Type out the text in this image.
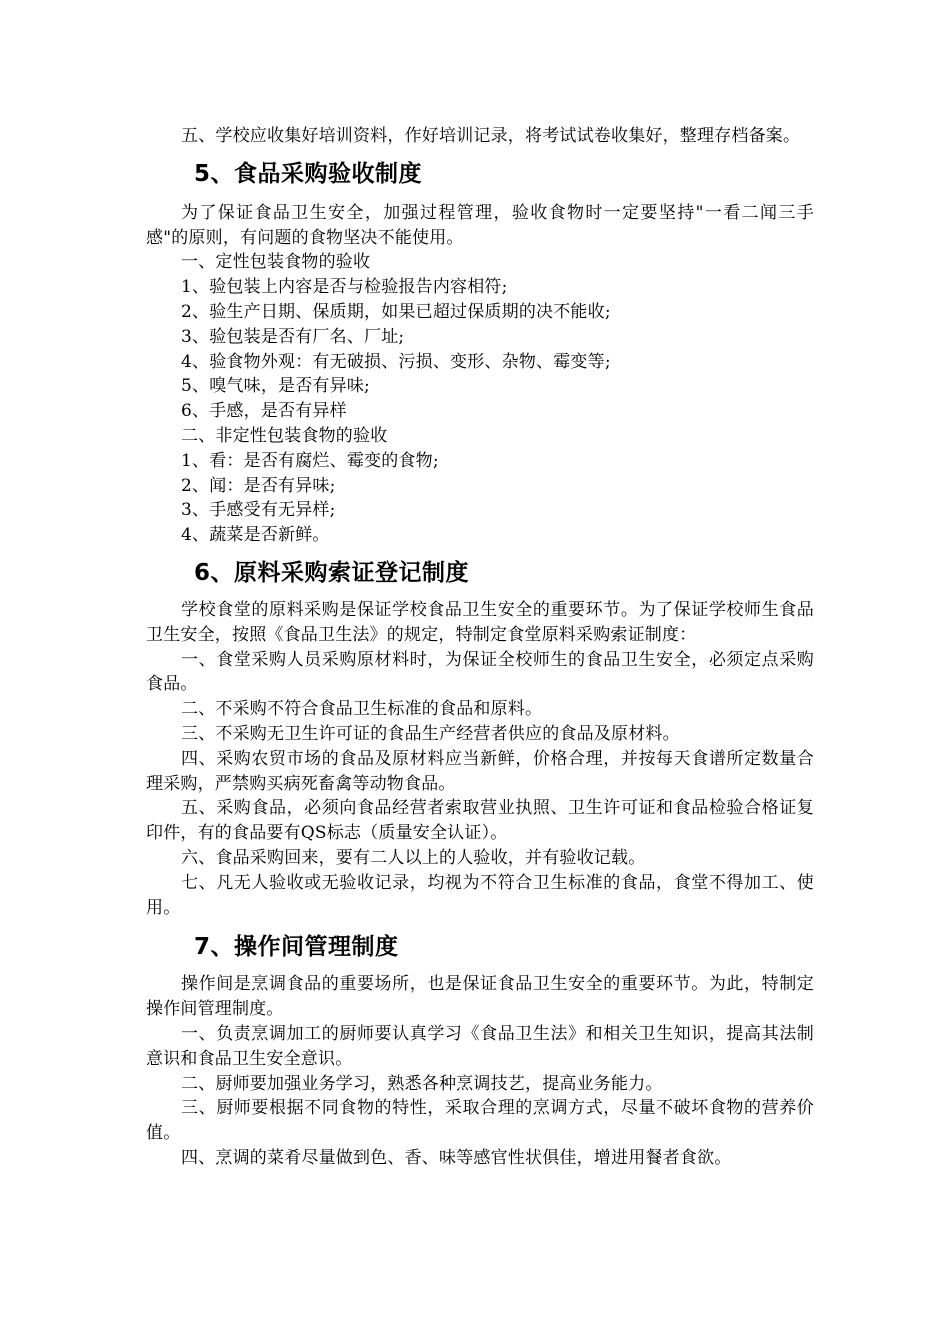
五、学校应收集好培训资料，作好培训记录，将考试试卷收集好，整理存档备案。

5、食品采购验收制度

为了保证食品卫生安全，加强过程管理，验收食物时一定要坚持"一看二闻三手感"的原则，有问题的食物坚决不能使用。

一、定性包装食物的验收

1、验包装上内容是否与检验报告内容相符;

2、验生产日期、保质期，如果已超过保质期的决不能收;

3、验包装是否有厂名、厂址;

4、验食物外观：有无破损、污损、变形、杂物、霉变等;

5、嗅气味，是否有异味;

6、手感，是否有异样

二、非定性包装食物的验收

1、看：是否有腐烂、霉变的食物;

2、闻：是否有异味;

3、手感受有无异样;

4、蔬菜是否新鲜。

6、原料采购索证登记制度

学校食堂的原料采购是保证学校食品卫生安全的重要环节。为了保证学校师生食品卫生安全，按照《食品卫生法》的规定，特制定食堂原料采购索证制度：

一、食堂采购人员采购原材料时，为保证全校师生的食品卫生安全，必须定点采购食品。

二、不采购不符合食品卫生标准的食品和原料。

三、不采购无卫生许可证的食品生产经营者供应的食品及原材料。

四、采购农贸市场的食品及原材料应当新鲜，价格合理，并按每天食谱所定数量合理采购，严禁购买病死畜禽等动物食品。

五、采购食品，必须向食品经营者索取营业执照、卫生许可证和食品检验合格证复印件，有的食品要有QS标志（质量安全认证）。

六、食品采购回来，要有二人以上的人验收，并有验收记载。

七、凡无人验收或无验收记录，均视为不符合卫生标准的食品，食堂不得加工、使用。

7、操作间管理制度

操作间是烹调食品的重要场所，也是保证食品卫生安全的重要环节。为此，特制定操作间管理制度。

一、负责烹调加工的厨师要认真学习《食品卫生法》和相关卫生知识，提高其法制意识和食品卫生安全意识。

二、厨师要加强业务学习，熟悉各种烹调技艺，提高业务能力。

三、厨师要根据不同食物的特性，采取合理的烹调方式，尽量不破坏食物的营养价值。

四、烹调的菜肴尽量做到色、香、味等感官性状俱佳，增进用餐者食欲。
